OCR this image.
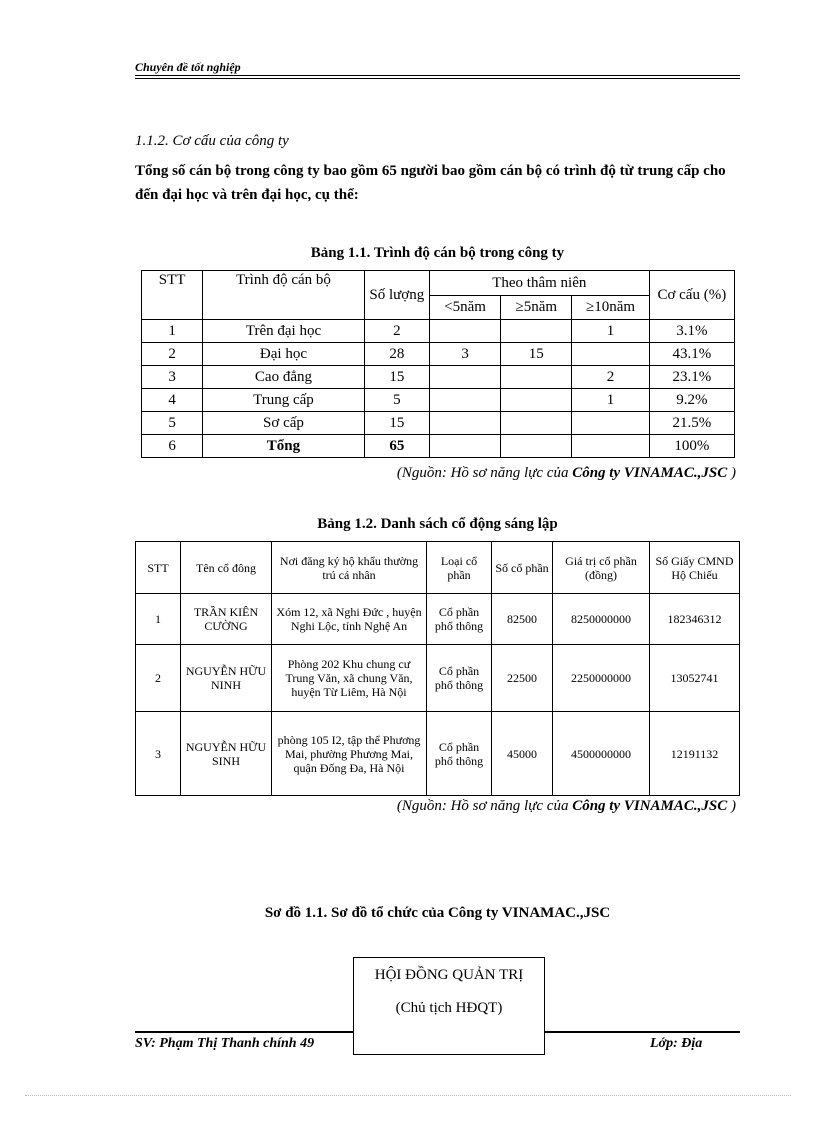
Chuyên đề tốt nghiệp
1.1.2. Cơ cấu của công ty
Tổng số cán bộ trong công ty bao gồm 65 người bao gồm cán bộ có trình độ từ trung cấp cho đến đại học và trên đại học, cụ thể:
Bảng 1.1. Trình độ cán bộ trong công ty
STT	Trình độ cán bộ	Số lượng	Theo thâm niên			Cơ cấu (%)
			<5năm	≥5năm	≥10năm	
1	Trên đại học	2			1	3.1%
2	Đại học	28	3	15		43.1%
3	Cao đẳng	15			2	23.1%
4	Trung cấp	5			1	9.2%
5	Sơ cấp	15				21.5%
6	Tổng	65				100%
(Nguồn: Hồ sơ năng lực của Công ty VINAMAC.,JSC )
Bảng 1.2. Danh sách cổ động sáng lập
STT	Tên cổ đông	Nơi đăng ký hộ khẩu thường trú cá nhân	Loại cổ phần	Số cổ phần	Giá trị cổ phần (đồng)	Số Giấy CMND Hộ Chiếu
1	TRẦN KIÊN CƯỜNG	Xóm 12, xã Nghi Đức , huyện Nghi Lộc, tỉnh Nghệ An	Cổ phần phổ thông	82500	8250000000	182346312
2	NGUYỄN HỮU NINH	Phòng 202 Khu chung cư Trung Văn, xã chung Văn, huyện Từ Liêm, Hà Nội	Cổ phần phổ thông	22500	2250000000	13052741
3	NGUYỄN HỮU SINH	phòng 105 I2, tập thể Phương Mai, phường Phương Mai, quận Đống Đa, Hà Nội	Cổ phần phổ thông	45000	4500000000	12191132
(Nguồn: Hồ sơ năng lực của Công ty VINAMAC.,JSC )
Sơ đồ 1.1. Sơ đồ tổ chức của Công ty VINAMAC.,JSC
HỘI ĐỒNG QUẢN TRỊ
(Chủ tịch HĐQT)
SV: Phạm Thị Thanh chính 49	Lớp: Địa
